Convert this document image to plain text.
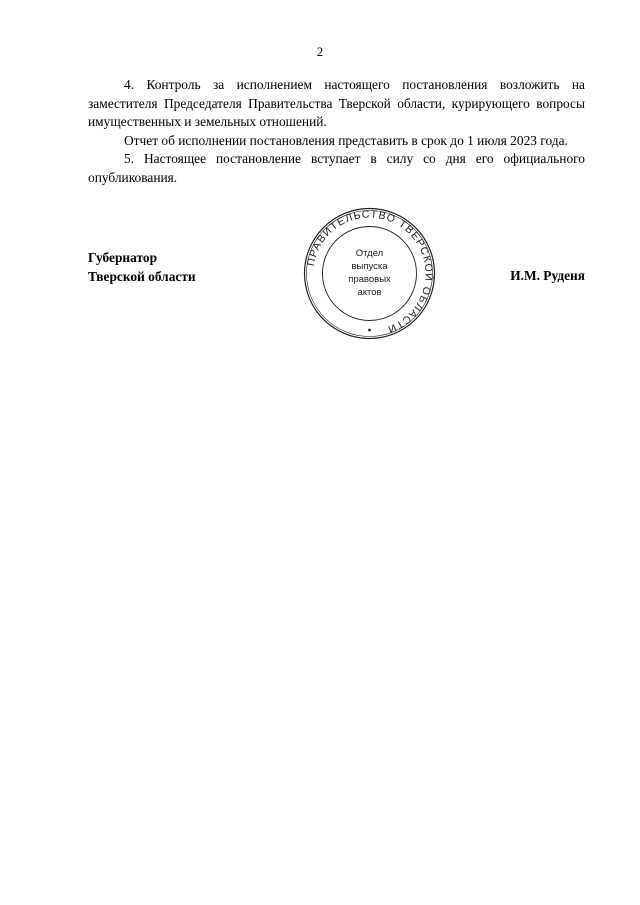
2

4. Контроль за исполнением настоящего постановления возложить на заместителя Председателя Правительства Тверской области, курирующего вопросы имущественных и земельных отношений.

Отчет об исполнении постановления представить в срок до 1 июля 2023 года.

5. Настоящее постановление вступает в силу со дня его официального опубликования.

Губернатор
Тверской области
ПРАВИТЕЛЬСТВО ТВЕРСКОЙ ОБЛАСТИ
Отдел
выпуска
правовых
актов
И.М. Руденя
